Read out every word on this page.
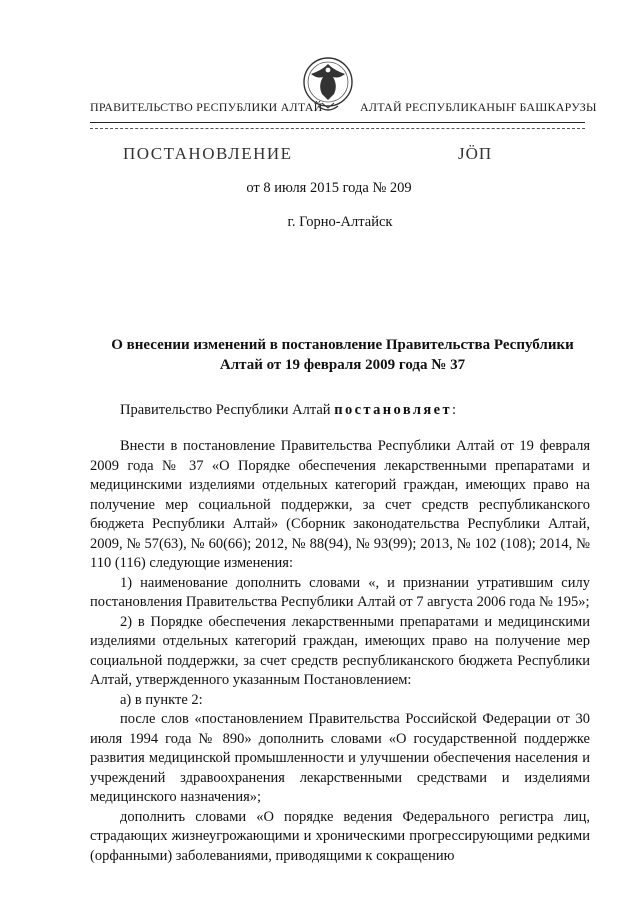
ПРАВИТЕЛЬСТВО РЕСПУБЛИКИ АЛТАЙ	АЛТАЙ РЕСПУБЛИКАНЫҤ БАШКАРУЗЫ
ПОСТАНОВЛЕНИЕ	JӦП
от 8 июля 2015 года № 209
г. Горно-Алтайск
О внесении изменений в постановление Правительства Республики
Алтай от 19 февраля 2009 года № 37
Правительство Республики Алтай постановляет:

Внести в постановление Правительства Республики Алтай от 19 февраля 2009 года № 37 «О Порядке обеспечения лекарственными препаратами и медицинскими изделиями отдельных категорий граждан, имеющих право на получение мер социальной поддержки, за счет средств республиканского бюджета Республики Алтай» (Сборник законодательства Республики Алтай, 2009, № 57(63), № 60(66); 2012, № 88(94), № 93(99); 2013, № 102 (108); 2014, № 110 (116) следующие изменения:

1) наименование дополнить словами «, и признании утратившим силу постановления Правительства Республики Алтай от 7 августа 2006 года № 195»;

2) в Порядке обеспечения лекарственными препаратами и медицинскими изделиями отдельных категорий граждан, имеющих право на получение мер социальной поддержки, за счет средств республиканского бюджета Республики Алтай, утвержденного указанным Постановлением:

а) в пункте 2:

после слов «постановлением Правительства Российской Федерации от 30 июля 1994 года № 890» дополнить словами «О государственной поддержке развития медицинской промышленности и улучшении обеспечения населения и учреждений здравоохранения лекарственными средствами и изделиями медицинского назначения»;

дополнить словами «О порядке ведения Федерального регистра лиц, страдающих жизнеугрожающими и хроническими прогрессирующими редкими (орфанными) заболеваниями, приводящими к сокращению
